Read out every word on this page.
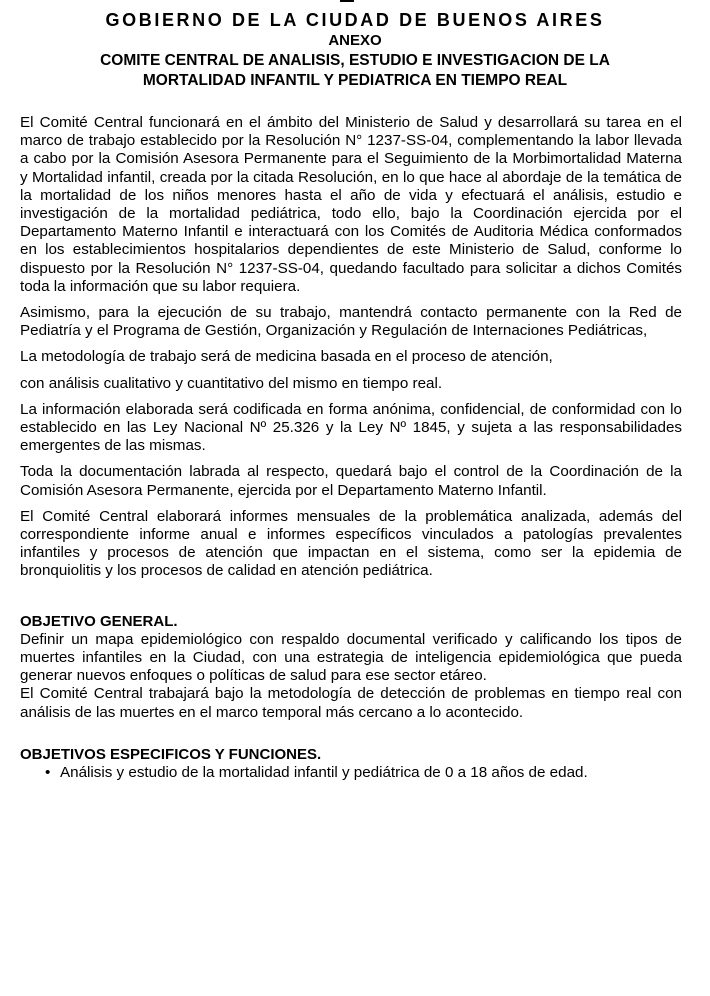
GOBIERNO DE LA CIUDAD DE BUENOS AIRES
ANEXO
COMITE CENTRAL DE ANALISIS, ESTUDIO E INVESTIGACION DE LA
MORTALIDAD INFANTIL Y PEDIATRICA EN TIEMPO REAL

El Comité Central funcionará en el ámbito del Ministerio de Salud y desarrollará su tarea en el marco de trabajo establecido por la Resolución N° 1237-SS-04, complementando la labor llevada a cabo por la Comisión Asesora Permanente para el Seguimiento de la Morbimortalidad Materna y Mortalidad infantil, creada por la citada Resolución, en lo que hace al abordaje de la temática de la mortalidad de los niños menores hasta el año de vida y efectuará el análisis, estudio e investigación de la mortalidad pediátrica, todo ello, bajo la Coordinación ejercida por el Departamento Materno Infantil e interactuará con los Comités de Auditoria Médica conformados en los establecimientos hospitalarios dependientes de este Ministerio de Salud, conforme lo dispuesto por la Resolución N° 1237-SS-04, quedando facultado para solicitar a dichos Comités toda la información que su labor requiera.

Asimismo, para la ejecución de su trabajo, mantendrá contacto permanente con la Red de Pediatría y el Programa de Gestión, Organización y Regulación de Internaciones Pediátricas,

La metodología de trabajo será de medicina basada en el proceso de atención,

con análisis cualitativo y cuantitativo del mismo en tiempo real.

La información elaborada será codificada en forma anónima, confidencial, de conformidad con lo establecido en las Ley Nacional Nº 25.326 y la Ley Nº 1845, y sujeta a las responsabilidades emergentes de las mismas.

Toda la documentación labrada al respecto, quedará bajo el control de la Coordinación de la Comisión Asesora Permanente, ejercida por el Departamento Materno Infantil.

El Comité Central elaborará informes mensuales de la problemática analizada, además del correspondiente informe anual e informes específicos vinculados a patologías prevalentes infantiles y procesos de atención que impactan en el sistema, como ser la epidemia de bronquiolitis y los procesos de calidad en atención pediátrica.

OBJETIVO GENERAL.

Definir un mapa epidemiológico con respaldo documental verificado y calificando los tipos de muertes infantiles en la Ciudad, con una estrategia de inteligencia epidemiológica que pueda generar nuevos enfoques o políticas de salud para ese sector etáreo.

El Comité Central trabajará bajo la metodología de detección de problemas en tiempo real con análisis de las muertes en el marco temporal más cercano a lo acontecido.

OBJETIVOS ESPECIFICOS Y FUNCIONES.
• Análisis y estudio de la mortalidad infantil y pediátrica de 0 a 18 años de edad.
